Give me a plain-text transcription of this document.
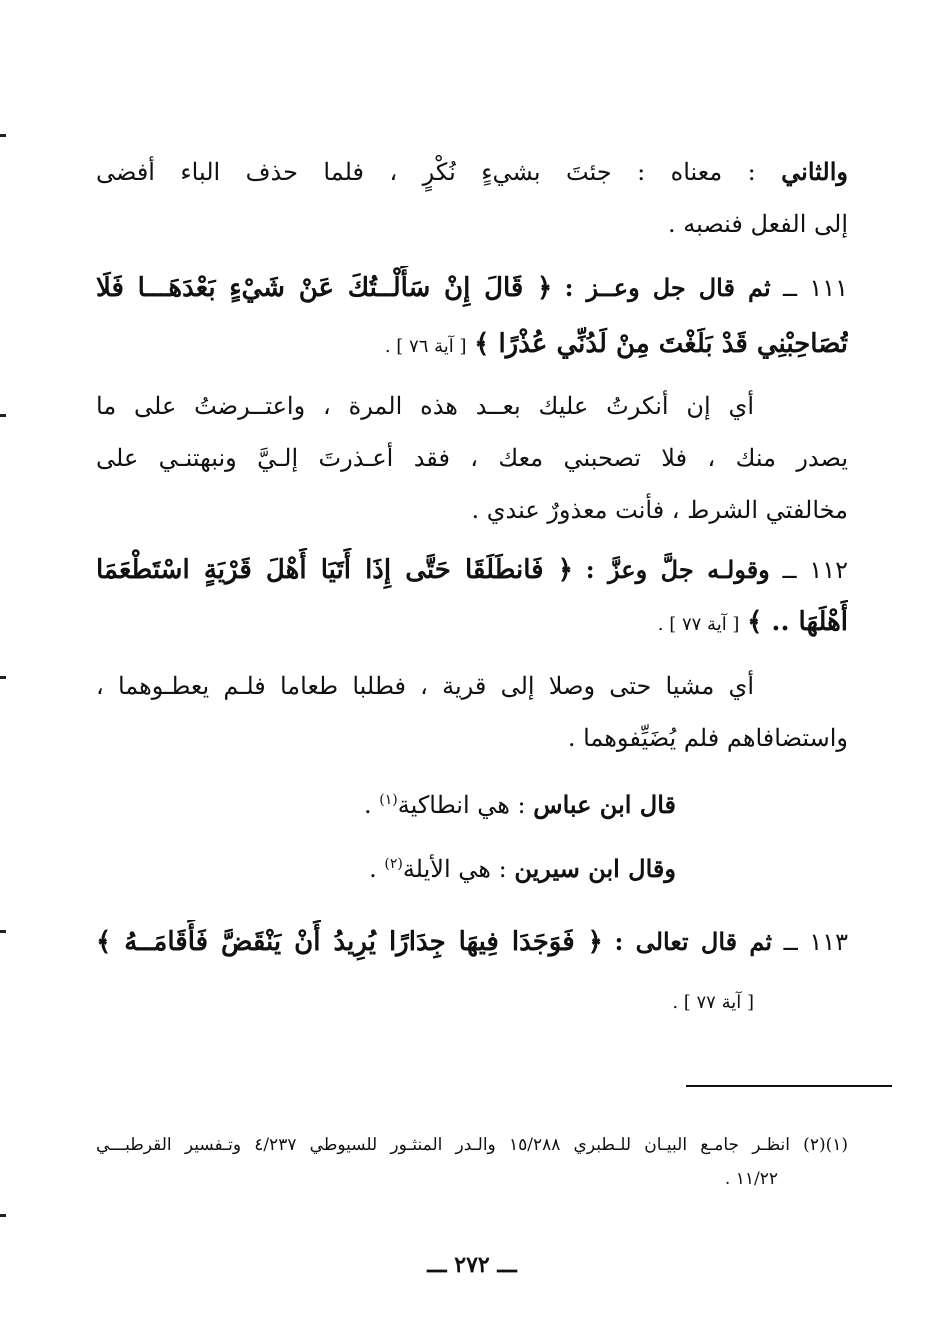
والثاني : معناه : جئتَ بشيءٍ نُكْرٍ ، فلما حذف الباء أفضى
إلى الفعل فنصبه .
١١١ ــ ثم قال جل وعــز : ﴿ قَالَ إِنْ سَأَلْــتُكَ عَنْ شَيْءٍ بَعْدَهَـــا فَلَا
تُصَاحِبْنِي قَدْ بَلَغْتَ مِنْ لَدُنِّي عُذْرًا ﴾ [ آية ٧٦ ] .
أي إن أنكرتُ عليك بعــد هذه المرة ، واعتــرضتُ على ما
يصدر منك ، فلا تصحبني معك ، فقد أعـذرتَ إلـيَّ ونبهتنـي على
مخالفتي الشرط ، فأنت معذورٌ عندي .
١١٢ ــ وقولـه جلَّ وعزَّ : ﴿ فَانطَلَقَا حَتَّى إِذَا أَتَيَا أَهْلَ قَرْيَةٍ اسْتَطْعَمَا
أَهْلَهَا .. ﴾ [ آية ٧٧ ] .
أي مشيا حتى وصلا إلى قرية ، فطلبا طعاما فلـم يعطـوهما ،
واستضافاهم فلم يُضَيِّفوهما .
قال ابن عباس : هي انطاكية$^{(١)}$ .
وقال ابن سيرين : هي الأيلة$^{(٢)}$ .
١١٣ ــ ثم قال تعالى : ﴿ فَوَجَدَا فِيهَا جِدَارًا يُرِيدُ أَنْ يَنْقَضَّ فَأَقَامَــهُ ﴾
[ آية ٧٧ ] .
(١)(٢) انظـر جامـع البيـان للـطبري ١٥/٢٨٨ والـدر المنثـور للسيوطي ٤/٢٣٧ وتـفسير القرطبـــي
١١/٢٢ .
ـــ ٢٧٢ ـــ
